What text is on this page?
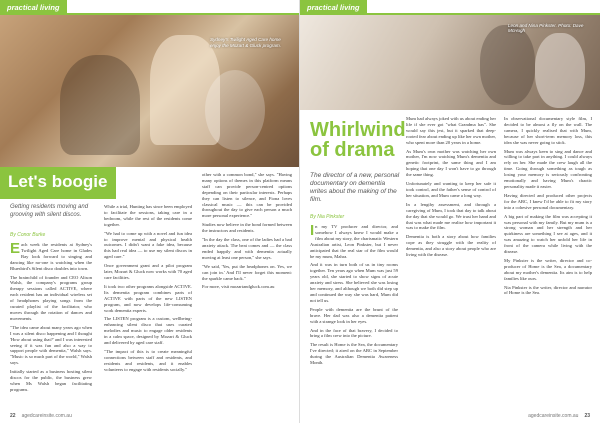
practical living
Sydney's Twilight Aged Care home enjoy the Mozart & Gluck program.
Let's boogie
Getting residents moving and grooving with silent discos.
By Conor Burke

Each week the residents at Sydney's Twilight Aged Care home in Glades Bay look forward to singing and dancing like no-one is watching when the Bluesbird's Silent disco doubles into town.

The brainchild of founder and CEO Alison Walsh, the company's programs group therapy sessions called ACTIVE, where each resident has an individual wireless set of headphones playing songs from the curated playlist of the facilitator, who moves through the rotation of dances and movements.

"The idea came about many years ago when I was a silent disco happening and I thought 'How about using that?' and I was interested seeing if it was fun and also a way to support people with dementia," Walsh says. "Music is so much part of the world," Walsh says.

Initially started as a business hosting silent discos for the public, the business grew when Ms Walsh began facilitating programs.

While a trial, Hunting has since been employed to facilitate the sessions, taking care in a bedroom, while the rest of the residents come together.

"We had to come up with a novel and fun idea to improve mental and physical health outcomes. I didn't want a fake idea, because this had real idea — to use my silent discos in aged care."

Once government grant and a pilot program later, Mozart & Gluck now works with 70 aged care facilities.

It took two other programs alongside ACTIVE. Its dementia program combines parts of ACTIVE with parts of the new LISTEN program, and now develops life-consuming work dementia experts.

The LISTEN program is a custom, wellbeing-enhancing silent disco that uses curated melodies and music to engage older residents in a calm space, designed by Mozart & Gluck and delivered by aged care staff.

"The impact of this is to create meaningful connections between staff and residents, and residents and residents, and it enables volunteers to engage with residents socially."

other with a common bond," she says. "Having many options of themes in this platform means staff can provide person-centred options depending on their particular interests. Perhaps they can listen to silence, and Fiona loves classical music — this can be provided throughout the day to give each person a much more personal experience."

Studies now believe in the bond formed between the instructors and residents.

"In the day the class, one of the ladies had a bad anxiety attack. The beat comes and — the class ended happily and with dementia actually moving at least one person," she says.

"We said, 'Yes, put the headphones on. Yes, we can join in.' And I'll never forget this moment: the sparkle came back."

For more, visit mozartandgluck.com.au

22 agedcareinsite.com.au
practical living
Leon and Nina Pinkster. Photo: Dave McHugh
Whirlwind of drama
The director of a new, personal documentary on dementia writes about the making of the film.
By Nia Pinkster

In my TV producer and director, and somehow I always knew I would make a film about my story, the charismatic Western Australian artist, Leon Pinkster, but I never anticipated that the real star of the film would be my mum, Mahra.

And it was in turn both of us in tiny rooms together. Ten years ago when Mum was just 59 years old, she started to show signs of acute anxiety and stress. She believed she was losing her memory, and although we both did step up and continued the way she was hard, Mum did not tell us.

People with dementia are the brunt of the brave. Her dad was also a dementia patient with a strange look in her eyes.

And in the face of that bravery, I decided to bring a film crew into the picture.

The result is Home is the Sea, the documentary I've directed; it aired on the ABC in September during the Australian Dementia Awareness Month.

Mum had always joked with us about ending her life if she ever got "what Grandma has". She would say this jest, but it sparked that deep-rooted fear about ending up like her own mother, who spent more than 20 years in a home.

As Mum's own mother was watching her own mother, I'm now watching Mum's dementia and genetic footprint, the same thing and I am hoping that one day I won't have to go through the same thing.

Unfortunately and wanting to keep her safe it took control, and the father's sense of control of her situation, and Mum came a long way.

In a lengthy assessment, and through a caregiving of Mum, I took that day to talk about the day that she would go. We trust her hand and that was what made me realise how important it was to make the film.

Dementia is both a story about how families cope as they struggle with the reality of dementia, and also a story about people who are living with the disease.

In observational documentary style film, I decided to be almost a fly on the wall. The camera, I quickly realised that with Mum, because of her short-term memory loss, this idea she was never going to stick.

Mum was always keen to sing and dance and willing to take part in anything. I could always rely on her. She made the crew laugh all the time. Going through something as tough as losing your memory is seriously confronting emotionally and having Mum's chaotic personality made it easier.

Having directed and produced other projects for the ABC, I knew I'd be able to fit my story into a cohesive personal documentary.

A big part of making the film was accepting it was personal with my family. But my mum is a strong woman and her strength and her quirkiness are something I see at ages, and it was amazing to watch her unfold her life in front of the camera while living with the disease.

My Pinkster is the writer, director and co-producer of Home is the Sea, a documentary about my mother's dementia. Its aim is to help families like ours.

Nia Pinkster is the writer, director and narrator of Home is the Sea.

agedcareinsite.com.au 23
